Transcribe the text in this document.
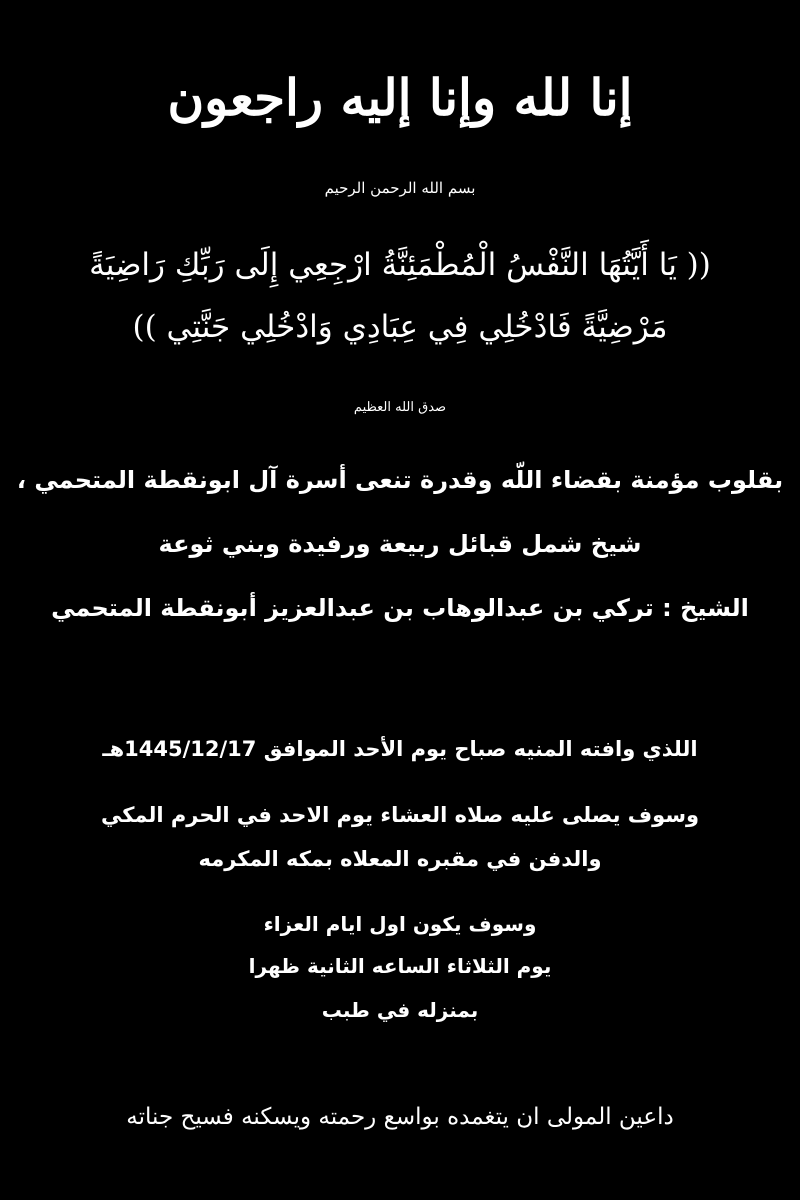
إنا لله وإنا إليه راجعون
بسم الله الرحمن الرحيم
(( يَا أَيَّتُهَا النَّفْسُ الْمُطْمَئِنَّةُ ارْجِعِي إِلَى رَبِّكِ رَاضِيَةً
مَرْضِيَّةً فَادْخُلِي فِي عِبَادِي وَادْخُلِي جَنَّتِي ))
صدق الله العظيم
بقلوب مؤمنة بقضاء اللّه وقدرة تنعى أسرة آل ابونقطة المتحمي ،
شيخ شمل قبائل ربيعة ورفيدة وبني ثوعة
الشيخ : تركي بن عبدالوهاب بن عبدالعزيز أبونقطة المتحمي
اللذي وافته المنيه صباح يوم الأحد الموافق 1445/12/17هـ
وسوف يصلى عليه صلاه العشاء يوم الاحد في الحرم المكي
والدفن في مقبره المعلاه بمكه المكرمه
وسوف يكون اول ايام العزاء
يوم الثلاثاء الساعه الثانية ظهرا
بمنزله في طبب
داعين المولى ان يتغمده بواسع رحمته ويسكنه فسيح جناته
